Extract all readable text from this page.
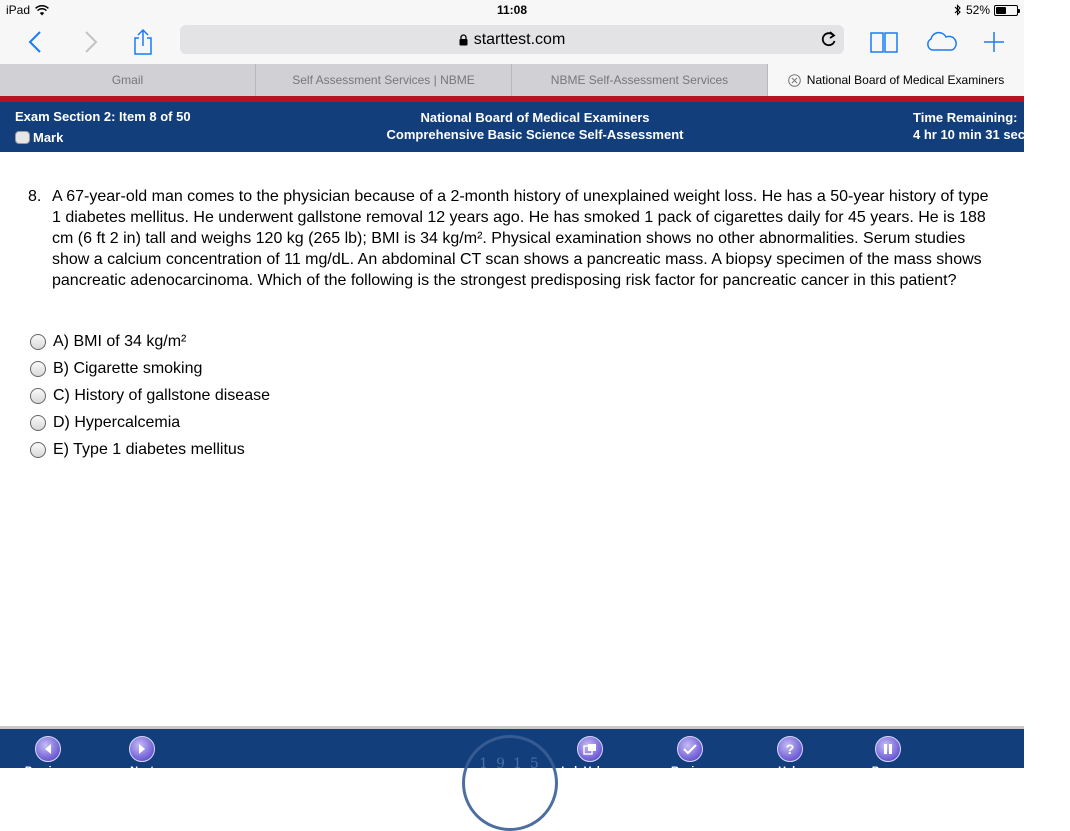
iPad	11:08	52%
starttest.com
Gmail	Self Assessment Services | NBME	NBME Self-Assessment Services	National Board of Medical Examiners
Exam Section 2: Item 8 of 50
Mark
National Board of Medical Examiners
Comprehensive Basic Science Self-Assessment
Time Remaining:
4 hr 10 min 31 sec
8. A 67-year-old man comes to the physician because of a 2-month history of unexplained weight loss. He has a 50-year history of type 1 diabetes mellitus. He underwent gallstone removal 12 years ago. He has smoked 1 pack of cigarettes daily for 45 years. He is 188 cm (6 ft 2 in) tall and weighs 120 kg (265 lb); BMI is 34 kg/m². Physical examination shows no other abnormalities. Serum studies show a calcium concentration of 11 mg/dL. An abdominal CT scan shows a pancreatic mass. A biopsy specimen of the mass shows pancreatic adenocarcinoma. Which of the following is the strongest predisposing risk factor for pancreatic cancer in this patient?
A) BMI of 34 kg/m²
B) Cigarette smoking
C) History of gallstone disease
D) Hypercalcemia
E) Type 1 diabetes mellitus
1915
Previous	Next	Lab Values	Review
?
Help	Pause
